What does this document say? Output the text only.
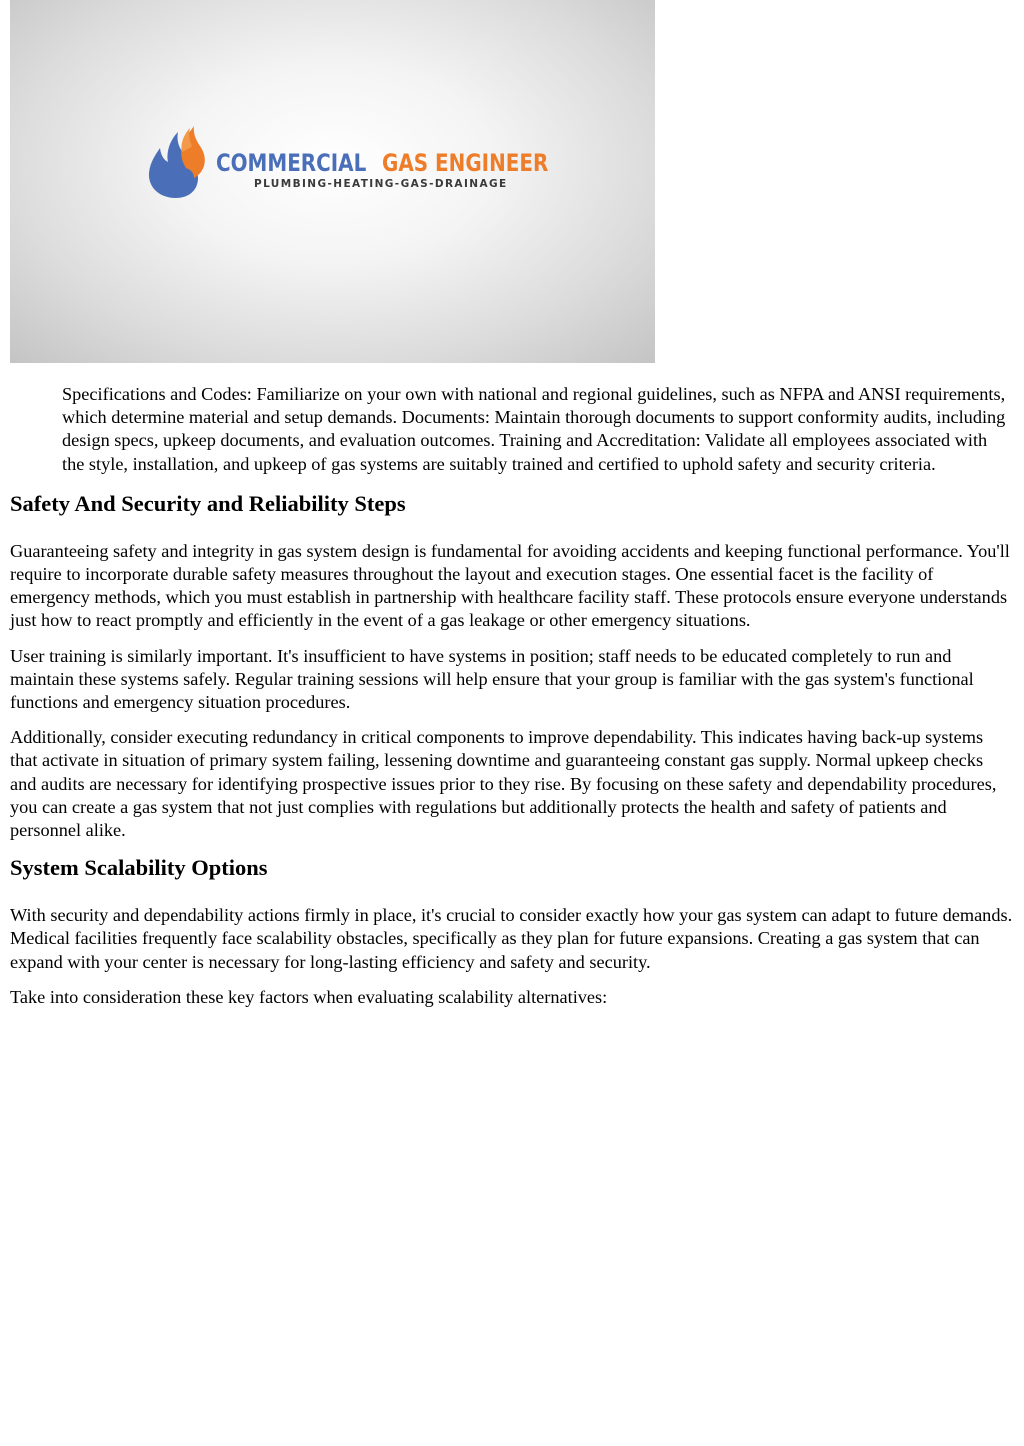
COMMERCIAL GAS ENGINEER
PLUMBING-HEATING-GAS-DRAINAGE
Specifications and Codes: Familiarize on your own with national and regional guidelines, such as NFPA and ANSI requirements, which determine material and setup demands. Documents: Maintain thorough documents to support conformity audits, including design specs, upkeep documents, and evaluation outcomes. Training and Accreditation: Validate all employees associated with the style, installation, and upkeep of gas systems are suitably trained and certified to uphold safety and security criteria.
Safety And Security and Reliability Steps

Guaranteeing safety and integrity in gas system design is fundamental for avoiding accidents and keeping functional performance. You'll require to incorporate durable safety measures throughout the layout and execution stages. One essential facet is the facility of emergency methods, which you must establish in partnership with healthcare facility staff. These protocols ensure everyone understands just how to react promptly and efficiently in the event of a gas leakage or other emergency situations.

User training is similarly important. It's insufficient to have systems in position; staff needs to be educated completely to run and maintain these systems safely. Regular training sessions will help ensure that your group is familiar with the gas system's functional functions and emergency situation procedures.

Additionally, consider executing redundancy in critical components to improve dependability. This indicates having back-up systems that activate in situation of primary system failing, lessening downtime and guaranteeing constant gas supply. Normal upkeep checks and audits are necessary for identifying prospective issues prior to they rise. By focusing on these safety and dependability procedures, you can create a gas system that not just complies with regulations but additionally protects the health and safety of patients and personnel alike.

System Scalability Options

With security and dependability actions firmly in place, it's crucial to consider exactly how your gas system can adapt to future demands. Medical facilities frequently face scalability obstacles, specifically as they plan for future expansions. Creating a gas system that can expand with your center is necessary for long-lasting efficiency and safety and security.

Take into consideration these key factors when evaluating scalability alternatives:
